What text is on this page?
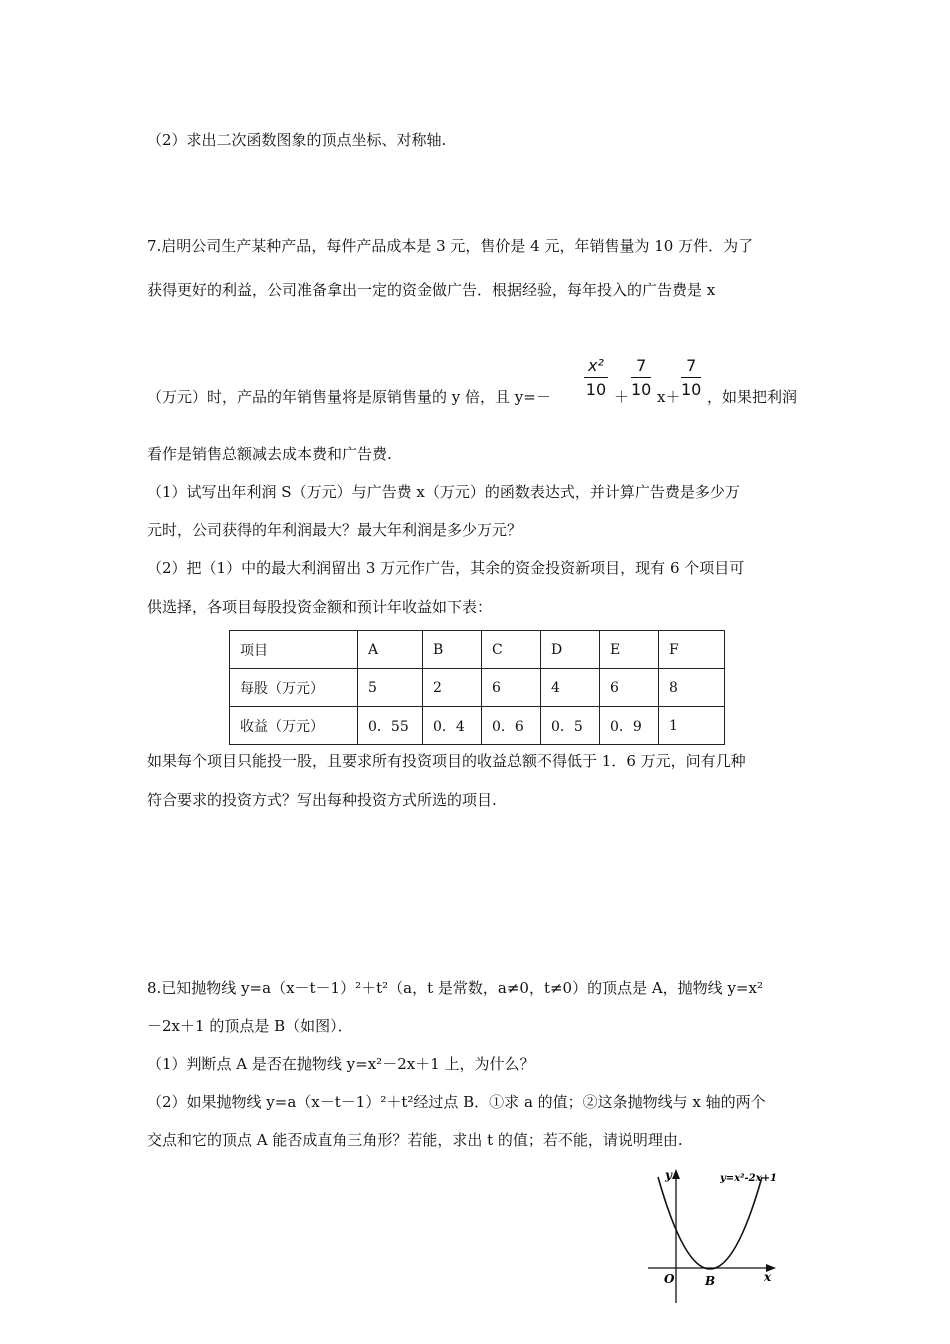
（2）求出二次函数图象的顶点坐标、对称轴.
7.启明公司生产某种产品，每件产品成本是 3 元，售价是 4 元，年销售量为 10 万件．为了
获得更好的利益，公司准备拿出一定的资金做广告．根据经验，每年投入的广告费是 x
（万元）时，产品的年销售量将是原销售量的 y 倍，且 $y=- \frac{\text{x²}}{10} + \frac{7}{10} x+ \frac{7}{10}$ ，如果把利润
看作是销售总额减去成本费和广告费.
（1）试写出年利润 S（万元）与广告费 x（万元）的函数表达式，并计算广告费是多少万
元时，公司获得的年利润最大？最大年利润是多少万元？
（2）把（1）中的最大利润留出 3 万元作广告，其余的资金投资新项目，现有 6 个项目可
供选择，各项目每股投资金额和预计年收益如下表：
项目	A	B	C	D	E	F
每股（万元）	5	2	6	4	6	8
收益（万元）	0．55	0．4	0．6	0．5	0．9	1
如果每个项目只能投一股，且要求所有投资项目的收益总额不得低于 1．6 万元，问有几种
符合要求的投资方式？写出每种投资方式所选的项目.
8.已知抛物线 y=a（x－t－1）²＋t²（a，t 是常数，a≠0，t≠0）的顶点是 A，抛物线 y=x²
－2x＋1 的顶点是 B（如图）．
（1）判断点 A 是否在抛物线 y=x²－2x＋1 上，为什么？
（2）如果抛物线 y=a（x－t－1）²＋t²经过点 B．①求 a 的值；②这条抛物线与 x 轴的两个
交点和它的顶点 A 能否成直角三角形？若能，求出 t 的值；若不能，请说明理由.
y
x
O	B
y=x²-2x+1
